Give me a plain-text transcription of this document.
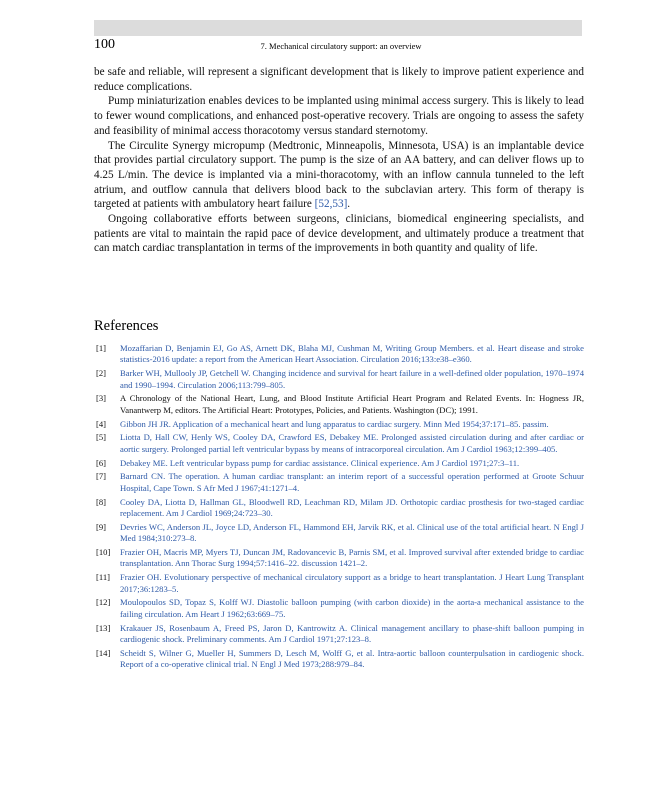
100	7. Mechanical circulatory support: an overview

be safe and reliable, will represent a significant development that is likely to improve patient experience and reduce complications.

Pump miniaturization enables devices to be implanted using minimal access surgery. This is likely to lead to fewer wound complications, and enhanced post-operative recovery. Trials are ongoing to assess the safety and feasibility of minimal access thoracotomy versus standard sternotomy.

The Circulite Synergy micropump (Medtronic, Minneapolis, Minnesota, USA) is an implantable device that provides partial circulatory support. The pump is the size of an AA battery, and can deliver flows up to 4.25 L/min. The device is implanted via a mini-thoracotomy, with an inflow cannula tunneled to the left atrium, and outflow cannula that delivers blood back to the subclavian artery. This form of therapy is targeted at patients with ambulatory heart failure [52,53].

Ongoing collaborative efforts between surgeons, clinicians, biomedical engineering specialists, and patients are vital to maintain the rapid pace of device development, and ultimately produce a treatment that can match cardiac transplantation in terms of the improvements in both quantity and quality of life.

References
[1]	Mozaffarian D, Benjamin EJ, Go AS, Arnett DK, Blaha MJ, Cushman M, Writing Group Members. et al. Heart disease and stroke statistics-2016 update: a report from the American Heart Association. Circulation 2016;133:e38–e360.
[2]	Barker WH, Mullooly JP, Getchell W. Changing incidence and survival for heart failure in a well-defined older population, 1970–1974 and 1990–1994. Circulation 2006;113:799–805.
[3]	A Chronology of the National Heart, Lung, and Blood Institute Artificial Heart Program and Related Events. In: Hogness JR, Vanantwerp M, editors. The Artificial Heart: Prototypes, Policies, and Patients. Washington (DC); 1991.
[4]	Gibbon JH JR. Application of a mechanical heart and lung apparatus to cardiac surgery. Minn Med 1954;37:171–85. passim.
[5]	Liotta D, Hall CW, Henly WS, Cooley DA, Crawford ES, Debakey ME. Prolonged assisted circulation during and after cardiac or aortic surgery. Prolonged partial left ventricular bypass by means of intracorporeal circulation. Am J Cardiol 1963;12:399–405.
[6]	Debakey ME. Left ventricular bypass pump for cardiac assistance. Clinical experience. Am J Cardiol 1971;27:3–11.
[7]	Barnard CN. The operation. A human cardiac transplant: an interim report of a successful operation performed at Groote Schuur Hospital, Cape Town. S Afr Med J 1967;41:1271–4.
[8]	Cooley DA, Liotta D, Hallman GL, Bloodwell RD, Leachman RD, Milam JD. Orthotopic cardiac prosthesis for two-staged cardiac replacement. Am J Cardiol 1969;24:723–30.
[9]	Devries WC, Anderson JL, Joyce LD, Anderson FL, Hammond EH, Jarvik RK, et al. Clinical use of the total artificial heart. N Engl J Med 1984;310:273–8.
[10]	Frazier OH, Macris MP, Myers TJ, Duncan JM, Radovancevic B, Parnis SM, et al. Improved survival after extended bridge to cardiac transplantation. Ann Thorac Surg 1994;57:1416–22. discussion 1421–2.
[11]	Frazier OH. Evolutionary perspective of mechanical circulatory support as a bridge to heart transplantation. J Heart Lung Transplant 2017;36:1283–5.
[12]	Moulopoulos SD, Topaz S, Kolff WJ. Diastolic balloon pumping (with carbon dioxide) in the aorta-a mechanical assistance to the failing circulation. Am Heart J 1962;63:669–75.
[13]	Krakauer JS, Rosenbaum A, Freed PS, Jaron D, Kantrowitz A. Clinical management ancillary to phase-shift balloon pumping in cardiogenic shock. Preliminary comments. Am J Cardiol 1971;27:123–8.
[14]	Scheidt S, Wilner G, Mueller H, Summers D, Lesch M, Wolff G, et al. Intra-aortic balloon counterpulsation in cardiogenic shock. Report of a co-operative clinical trial. N Engl J Med 1973;288:979–84.
